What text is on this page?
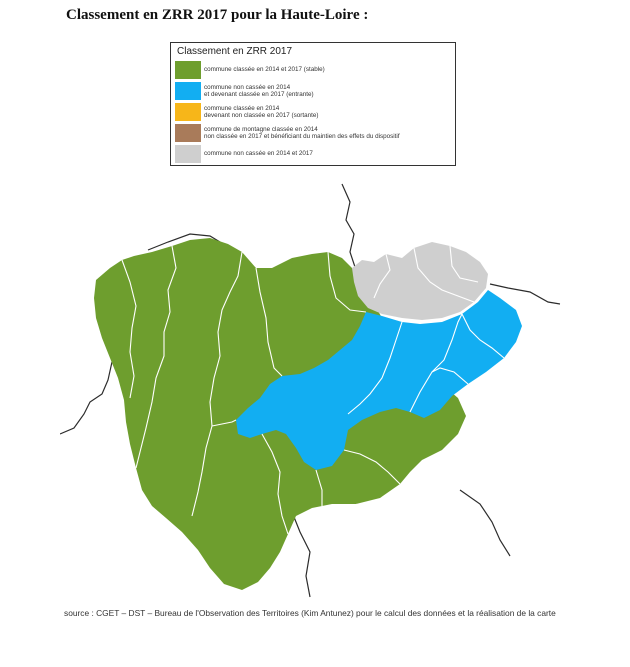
Classement en ZRR 2017 pour la Haute-Loire :
Classement en ZRR 2017
commune classée en 2014 et 2017 (stable)
commune non cassée en 2014
et devenant classée en 2017 (entrante)
commune classée en 2014
devenant non classée en 2017 (sortante)
commune de montagne classée en 2014
non classée en 2017 et bénéficiant du maintien des effets du dispositif
commune non cassée en 2014 et 2017

source : CGET – DST – Bureau de l'Observation des Territoires (Kim Antunez) pour le calcul des données et la réalisation de la carte
